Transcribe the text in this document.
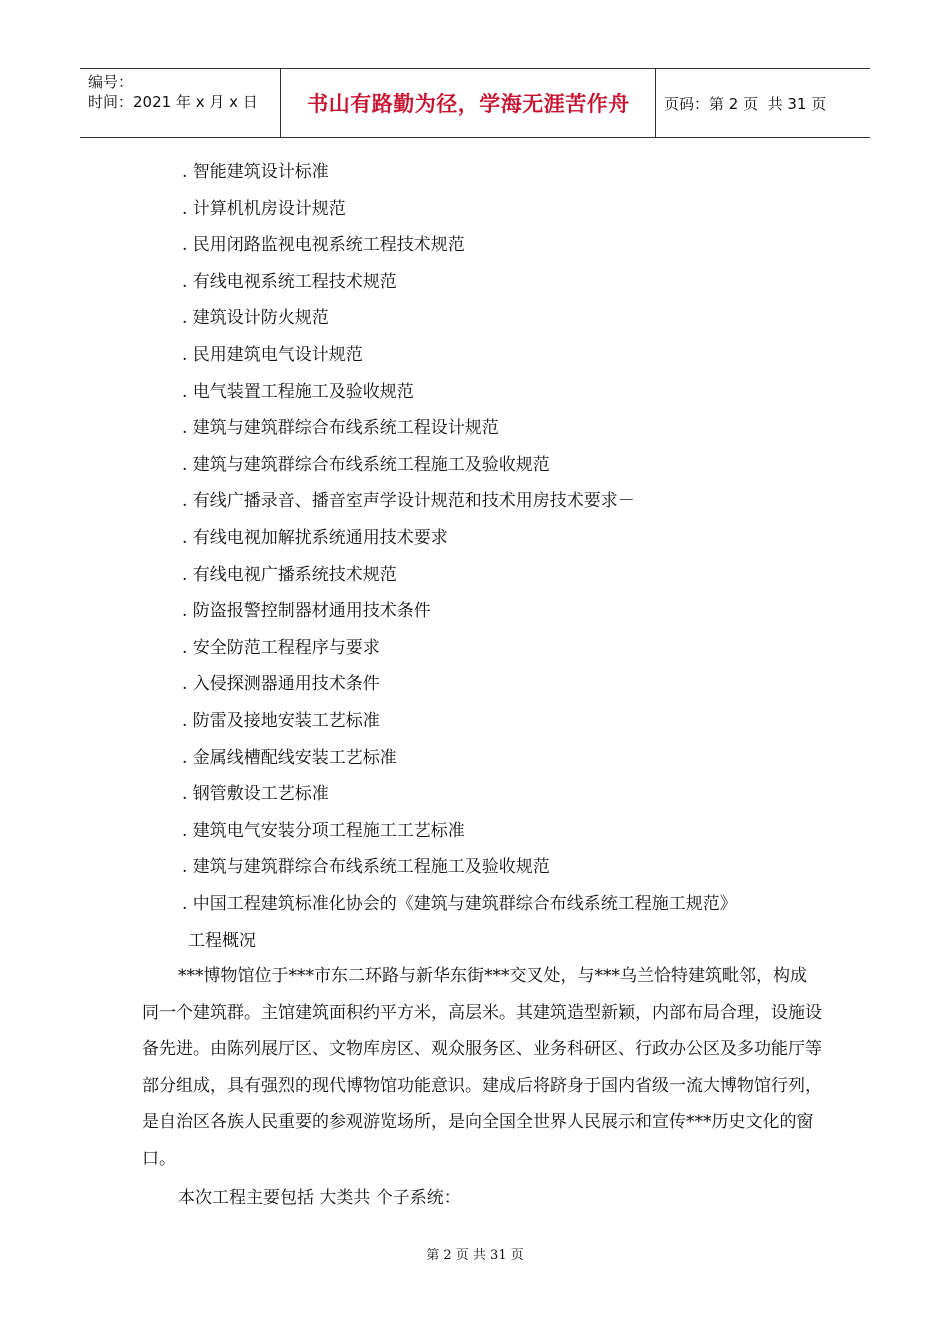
编号：
时间：2021 年 x 月 x 日	书山有路勤为径，学海无涯苦作舟	页码：第 2 页  共 31 页
. 智能建筑设计标准
. 计算机机房设计规范
. 民用闭路监视电视系统工程技术规范
. 有线电视系统工程技术规范
. 建筑设计防火规范
. 民用建筑电气设计规范
. 电气装置工程施工及验收规范
. 建筑与建筑群综合布线系统工程设计规范
. 建筑与建筑群综合布线系统工程施工及验收规范
. 有线广播录音、播音室声学设计规范和技术用房技术要求－
. 有线电视加解扰系统通用技术要求
. 有线电视广播系统技术规范
. 防盗报警控制器材通用技术条件
. 安全防范工程程序与要求
. 入侵探测器通用技术条件
. 防雷及接地安装工艺标准
. 金属线槽配线安装工艺标准
. 钢管敷设工艺标准
. 建筑电气安装分项工程施工工艺标准
. 建筑与建筑群综合布线系统工程施工及验收规范
. 中国工程建筑标准化协会的《建筑与建筑群综合布线系统工程施工规范》
工程概况

***博物馆位于***市东二环路与新华东街***交叉处，与***乌兰恰特建筑毗邻，构成同一个建筑群。主馆建筑面积约平方米，高层米。其建筑造型新颖，内部布局合理，设施设备先进。由陈列展厅区、文物库房区、观众服务区、业务科研区、行政办公区及多功能厅等部分组成，具有强烈的现代博物馆功能意识。建成后将跻身于国内省级一流大博物馆行列，是自治区各族人民重要的参观游览场所，是向全国全世界人民展示和宣传***历史文化的窗口。

本次工程主要包括 大类共 个子系统：

第 2 页 共 31 页
